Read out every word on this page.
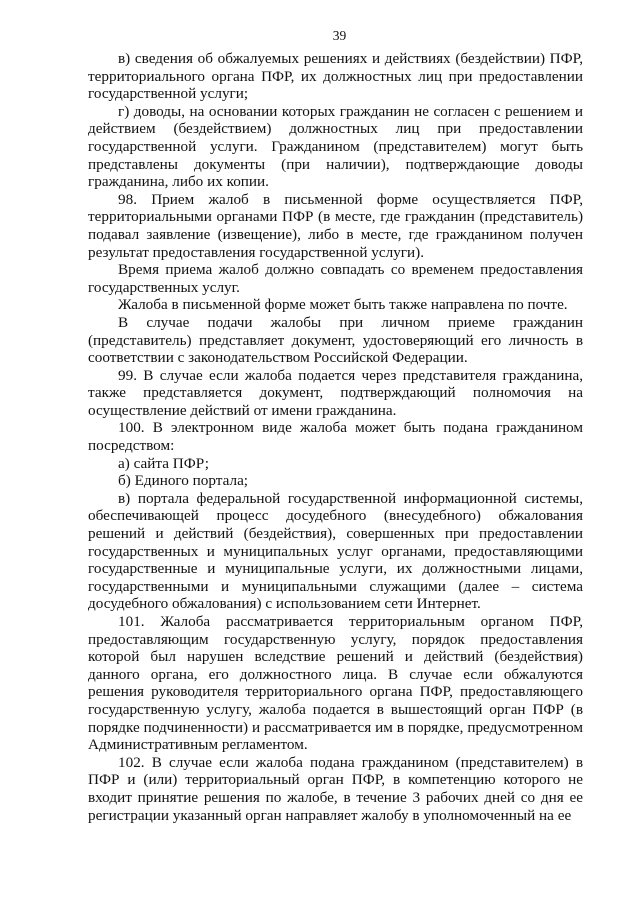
39

в) сведения об обжалуемых решениях и действиях (бездействии) ПФР, территориального органа ПФР, их должностных лиц при предоставлении государственной услуги;

г) доводы, на основании которых гражданин не согласен с решением и действием (бездействием) должностных лиц при предоставлении государственной услуги. Гражданином (представителем) могут быть представлены документы (при наличии), подтверждающие доводы гражданина, либо их копии.

98. Прием жалоб в письменной форме осуществляется ПФР, территориальными органами ПФР (в месте, где гражданин (представитель) подавал заявление (извещение), либо в месте, где гражданином получен результат предоставления государственной услуги).

Время приема жалоб должно совпадать со временем предоставления государственных услуг.

Жалоба в письменной форме может быть также направлена по почте.

В случае подачи жалобы при личном приеме гражданин (представитель) представляет документ, удостоверяющий его личность в соответствии с законодательством Российской Федерации.

99. В случае если жалоба подается через представителя гражданина, также представляется документ, подтверждающий полномочия на осуществление действий от имени гражданина.

100. В электронном виде жалоба может быть подана гражданином посредством:

а) сайта ПФР;

б) Единого портала;

в) портала федеральной государственной информационной системы, обеспечивающей процесс досудебного (внесудебного) обжалования решений и действий (бездействия), совершенных при предоставлении государственных и муниципальных услуг органами, предоставляющими государственные и муниципальные услуги, их должностными лицами, государственными и муниципальными служащими (далее – система досудебного обжалования) с использованием сети Интернет.

101. Жалоба рассматривается территориальным органом ПФР, предоставляющим государственную услугу, порядок предоставления которой был нарушен вследствие решений и действий (бездействия) данного органа, его должностного лица. В случае если обжалуются решения руководителя территориального органа ПФР, предоставляющего государственную услугу, жалоба подается в вышестоящий орган ПФР (в порядке подчиненности) и рассматривается им в порядке, предусмотренном Административным регламентом.

102. В случае если жалоба подана гражданином (представителем) в ПФР и (или) территориальный орган ПФР, в компетенцию которого не входит принятие решения по жалобе, в течение 3 рабочих дней со дня ее регистрации указанный орган направляет жалобу в уполномоченный на ее
